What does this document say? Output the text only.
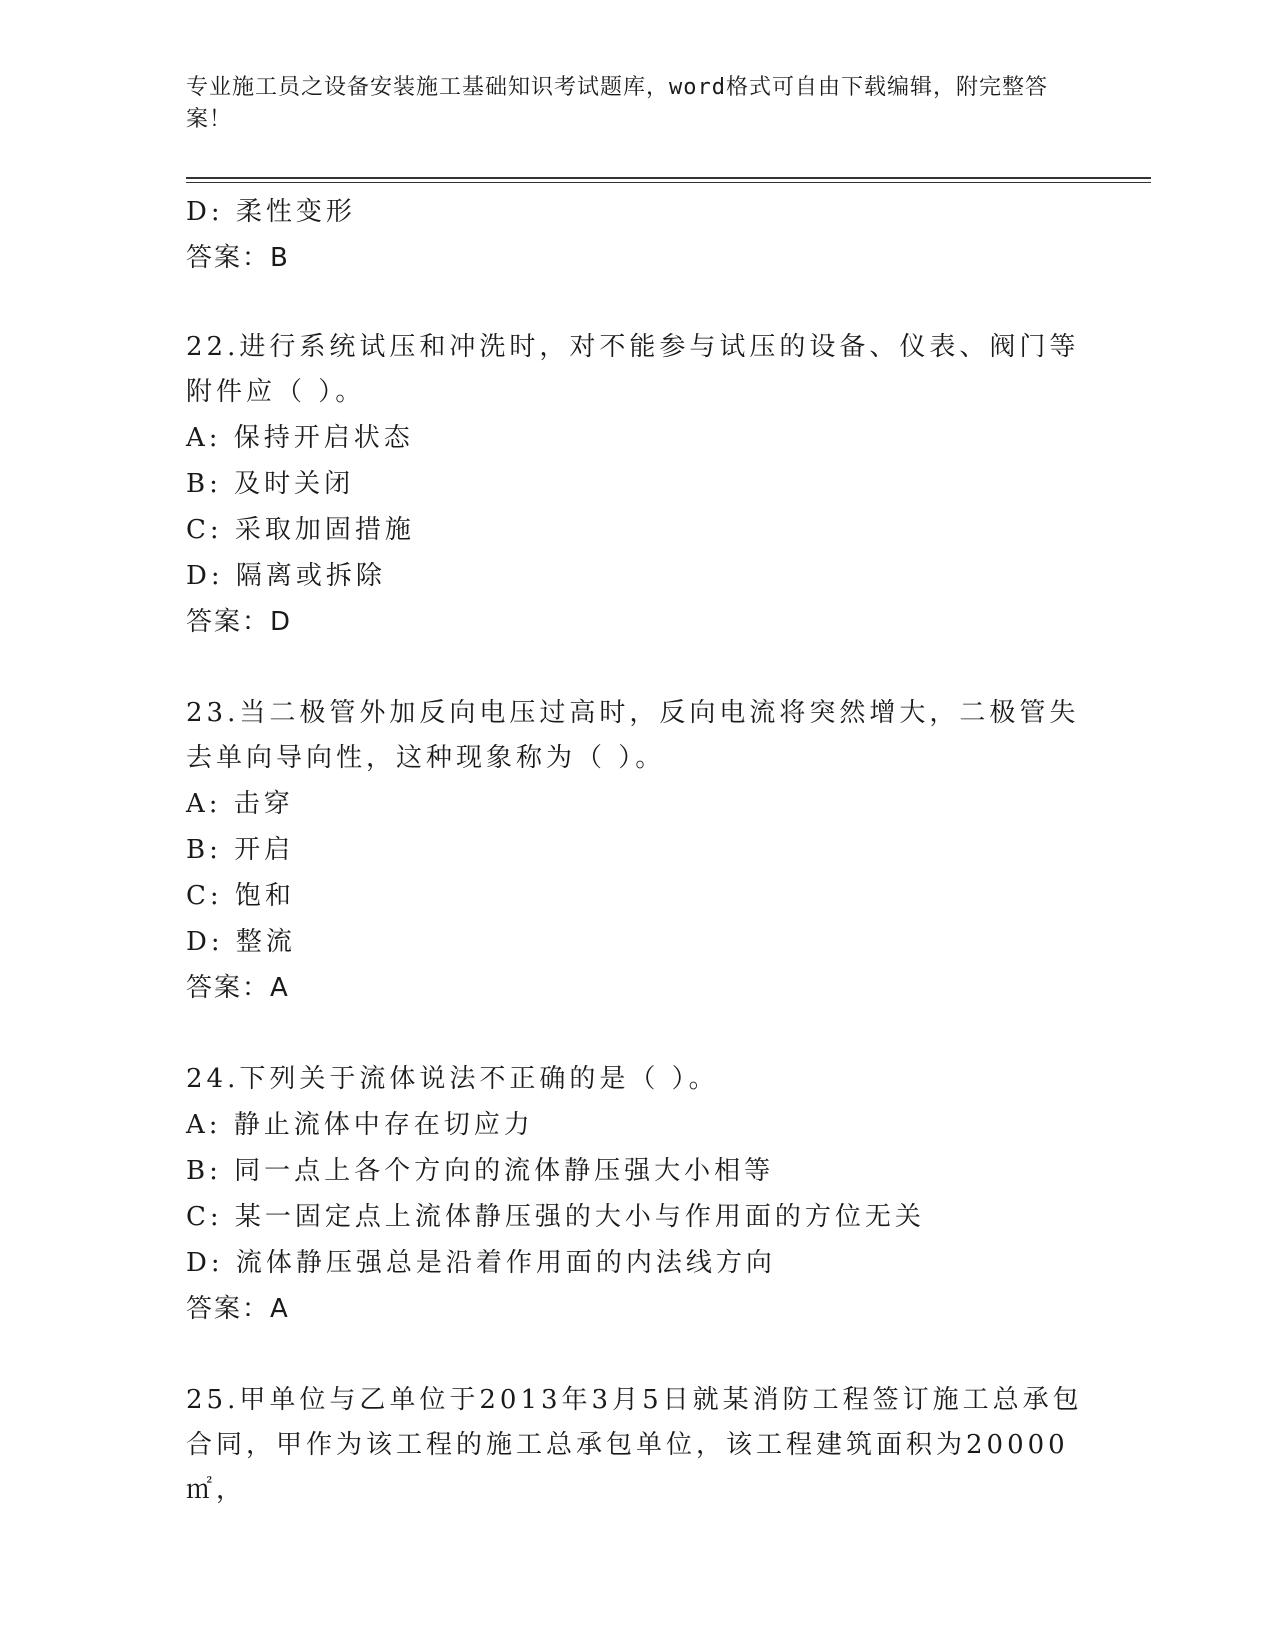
专业施工员之设备安装施工基础知识考试题库，word格式可自由下载编辑，附完整答案！
D: 柔性变形
答案：B
22.进行系统试压和冲洗时，对不能参与试压的设备、仪表、阀门等附件应（ ）。
A: 保持开启状态
B: 及时关闭
C: 采取加固措施
D: 隔离或拆除
答案：D
23.当二极管外加反向电压过高时，反向电流将突然增大，二极管失去单向导向性，这种现象称为（ ）。
A: 击穿
B: 开启
C: 饱和
D: 整流
答案：A
24.下列关于流体说法不正确的是（ ）。
A: 静止流体中存在切应力
B: 同一点上各个方向的流体静压强大小相等
C: 某一固定点上流体静压强的大小与作用面的方位无关
D: 流体静压强总是沿着作用面的内法线方向
答案：A
25.甲单位与乙单位于2013年3月5日就某消防工程签订施工总承包合同，甲作为该工程的施工总承包单位，该工程建筑面积为20000㎡，
